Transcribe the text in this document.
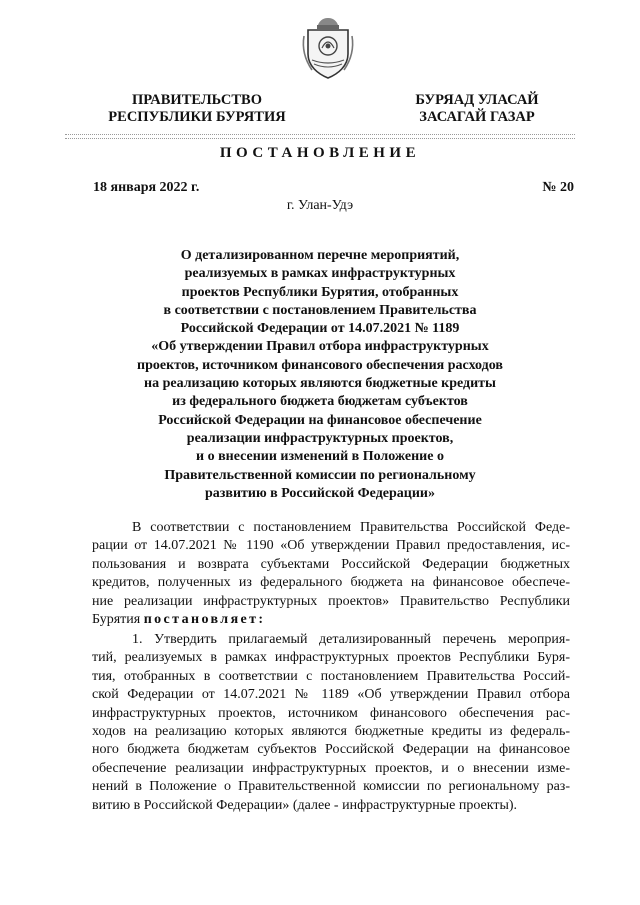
ПРАВИТЕЛЬСТВО
РЕСПУБЛИКИ БУРЯТИЯ
БУРЯАД УЛАСАЙ
ЗАСАГАЙ ГАЗАР
ПОСТАНОВЛЕНИЕ
18 января 2022 г.	№ 20
г. Улан-Удэ
О детализированном перечне мероприятий,
реализуемых в рамках инфраструктурных
проектов Республики Бурятия, отобранных
в соответствии с постановлением Правительства
Российской Федерации от 14.07.2021 № 1189
«Об утверждении Правил отбора инфраструктурных
проектов, источником финансового обеспечения расходов
на реализацию которых являются бюджетные кредиты
из федерального бюджета бюджетам субъектов
Российской Федерации на финансовое обеспечение
реализации инфраструктурных проектов,
и о внесении изменений в Положение о
Правительственной комиссии по региональному
развитию в Российской Федерации»
В соответствии с постановлением Правительства Российской Феде-
рации от 14.07.2021 № 1190 «Об утверждении Правил предоставления, ис-
пользования и возврата субъектами Российской Федерации бюджетных
кредитов, полученных из федерального бюджета на финансовое обеспече-
ние реализации инфраструктурных проектов» Правительство Республики
Бурятия постановляет:
1. Утвердить прилагаемый детализированный перечень мероприя-
тий, реализуемых в рамках инфраструктурных проектов Республики Буря-
тия, отобранных в соответствии с постановлением Правительства Россий-
ской Федерации от 14.07.2021 № 1189 «Об утверждении Правил отбора
инфраструктурных проектов, источником финансового обеспечения рас-
ходов на реализацию которых являются бюджетные кредиты из федераль-
ного бюджета бюджетам субъектов Российской Федерации на финансовое
обеспечение реализации инфраструктурных проектов, и о внесении изме-
нений в Положение о Правительственной комиссии по региональному раз-
витию в Российской Федерации» (далее - инфраструктурные проекты).
